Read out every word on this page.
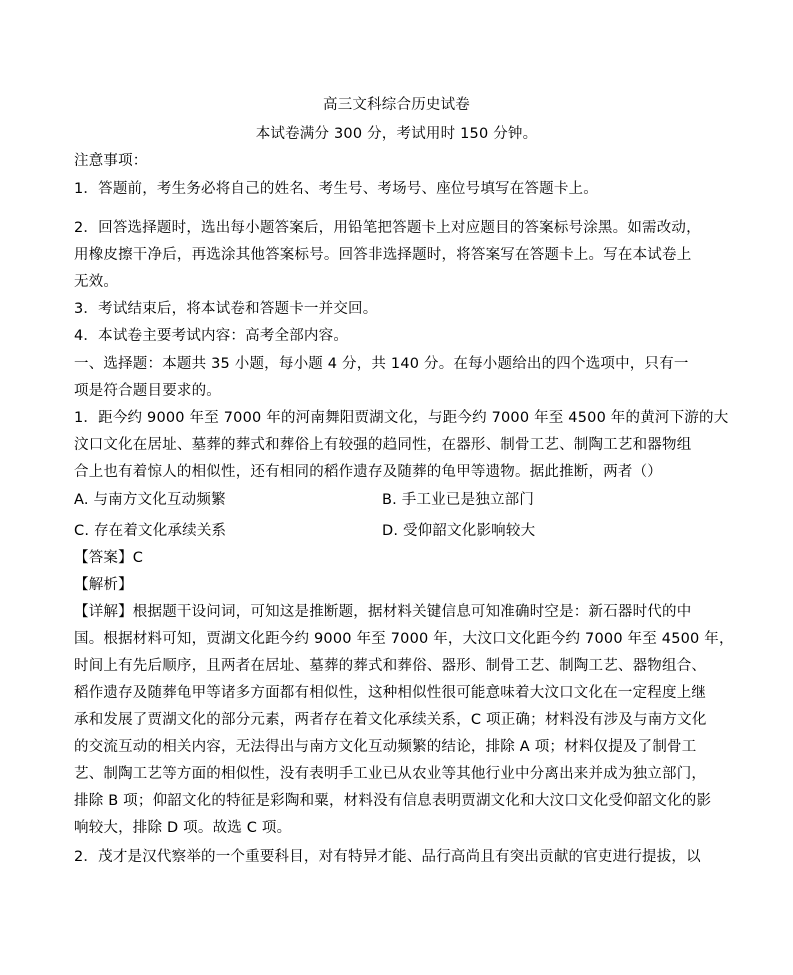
高三文科综合历史试卷
本试卷满分 300 分，考试用时 150 分钟。
注意事项：
1．答题前，考生务必将自己的姓名、考生号、考场号、座位号填写在答题卡上。
2．回答选择题时，选出每小题答案后，用铅笔把答题卡上对应题目的答案标号涂黑。如需改动，
用橡皮擦干净后，再选涂其他答案标号。回答非选择题时，将答案写在答题卡上。写在本试卷上
无效。
3．考试结束后，将本试卷和答题卡一并交回。
4．本试卷主要考试内容：高考全部内容。
一、选择题：本题共 35 小题，每小题 4 分，共 140 分。在每小题给出的四个选项中，只有一
项是符合题目要求的。
1．距今约 9000 年至 7000 年的河南舞阳贾湖文化，与距今约 7000 年至 4500 年的黄河下游的大
汶口文化在居址、墓葬的葬式和葬俗上有较强的趋同性，在器形、制骨工艺、制陶工艺和器物组
合上也有着惊人的相似性，还有相同的稻作遗存及随葬的龟甲等遗物。据此推断，两者（）
A. 与南方文化互动频繁	B. 手工业已是独立部门
C. 存在着文化承续关系	D. 受仰韶文化影响较大
【答案】C
【解析】
【详解】根据题干设问词，可知这是推断题，据材料关键信息可知准确时空是：新石器时代的中
国。根据材料可知，贾湖文化距今约 9000 年至 7000 年，大汶口文化距今约 7000 年至 4500 年，
时间上有先后顺序，且两者在居址、墓葬的葬式和葬俗、器形、制骨工艺、制陶工艺、器物组合、
稻作遗存及随葬龟甲等诸多方面都有相似性，这种相似性很可能意味着大汶口文化在一定程度上继
承和发展了贾湖文化的部分元素，两者存在着文化承续关系，C 项正确；材料没有涉及与南方文化
的交流互动的相关内容，无法得出与南方文化互动频繁的结论，排除 A 项；材料仅提及了制骨工
艺、制陶工艺等方面的相似性，没有表明手工业已从农业等其他行业中分离出来并成为独立部门，
排除 B 项；仰韶文化的特征是彩陶和粟，材料没有信息表明贾湖文化和大汶口文化受仰韶文化的影
响较大，排除 D 项。故选 C 项。
2．茂才是汉代察举的一个重要科目，对有特异才能、品行高尚且有突出贡献的官吏进行提拔，以
